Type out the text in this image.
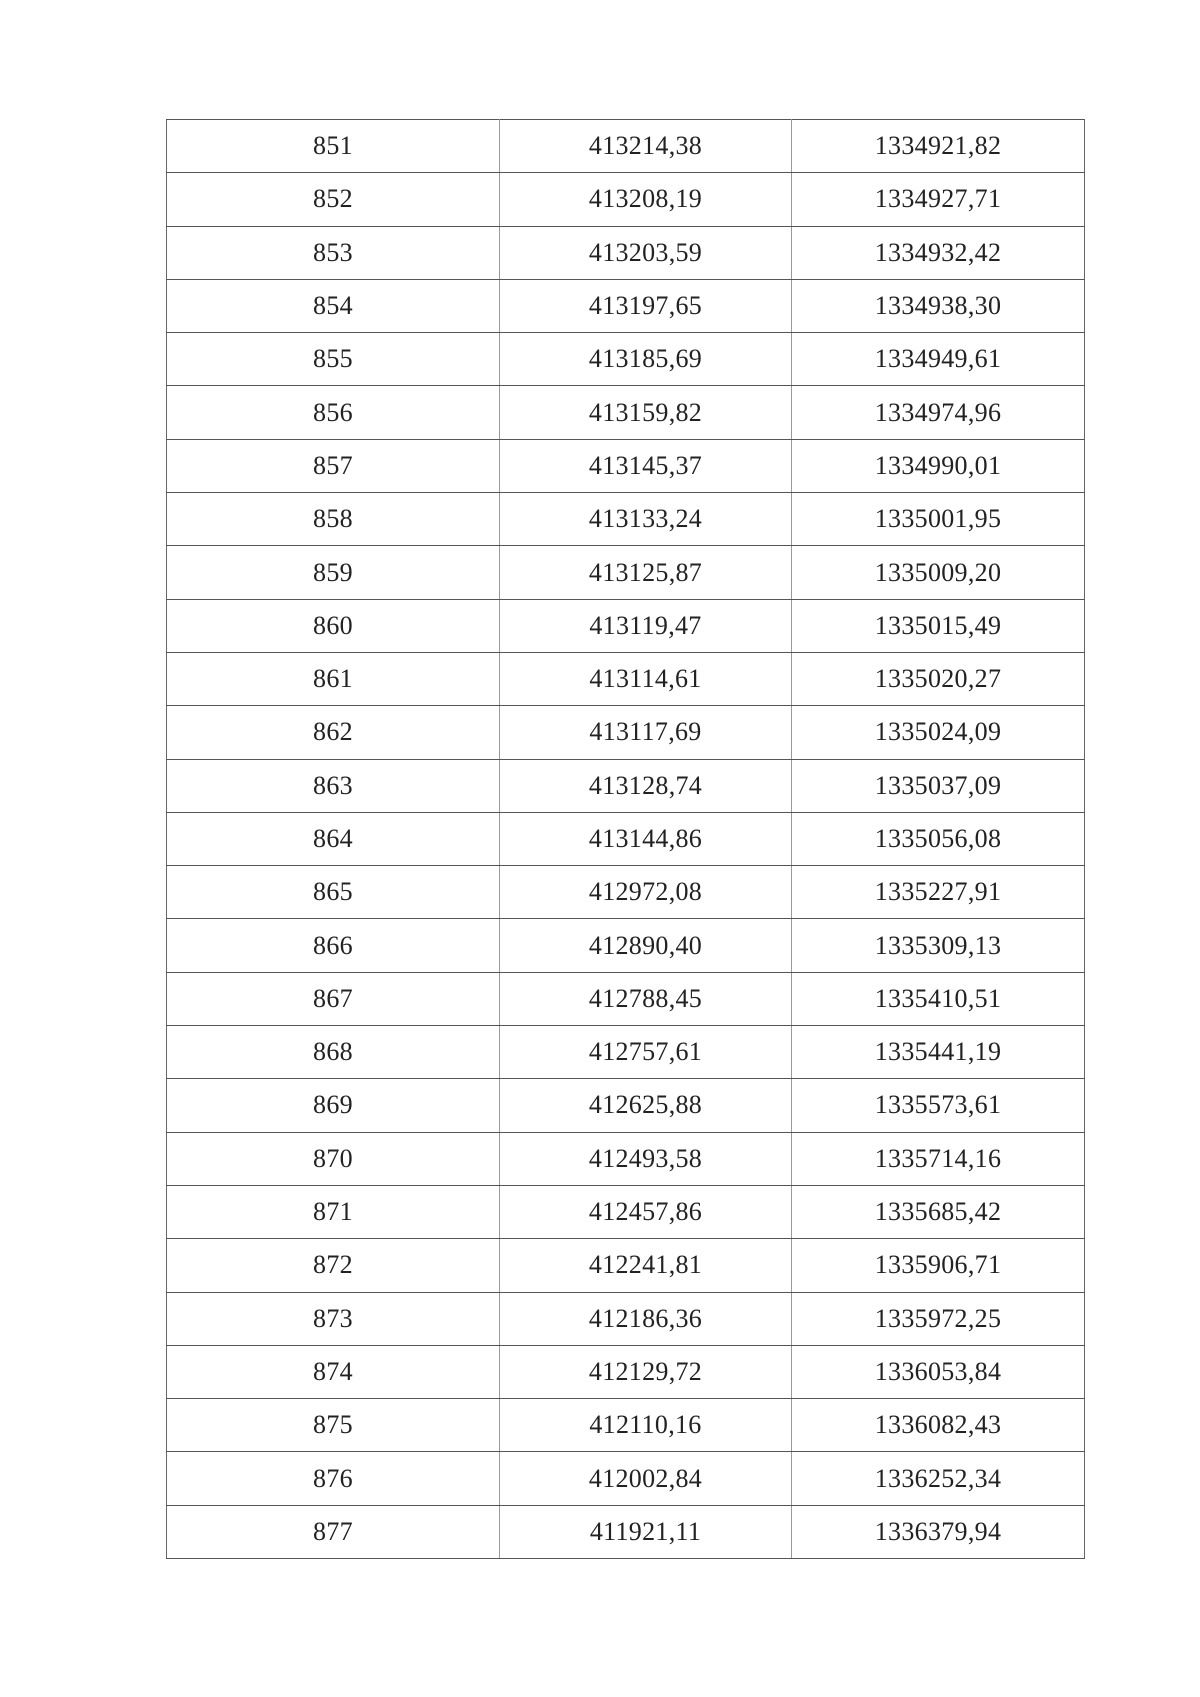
851	413214,38	1334921,82
852	413208,19	1334927,71
853	413203,59	1334932,42
854	413197,65	1334938,30
855	413185,69	1334949,61
856	413159,82	1334974,96
857	413145,37	1334990,01
858	413133,24	1335001,95
859	413125,87	1335009,20
860	413119,47	1335015,49
861	413114,61	1335020,27
862	413117,69	1335024,09
863	413128,74	1335037,09
864	413144,86	1335056,08
865	412972,08	1335227,91
866	412890,40	1335309,13
867	412788,45	1335410,51
868	412757,61	1335441,19
869	412625,88	1335573,61
870	412493,58	1335714,16
871	412457,86	1335685,42
872	412241,81	1335906,71
873	412186,36	1335972,25
874	412129,72	1336053,84
875	412110,16	1336082,43
876	412002,84	1336252,34
877	411921,11	1336379,94
